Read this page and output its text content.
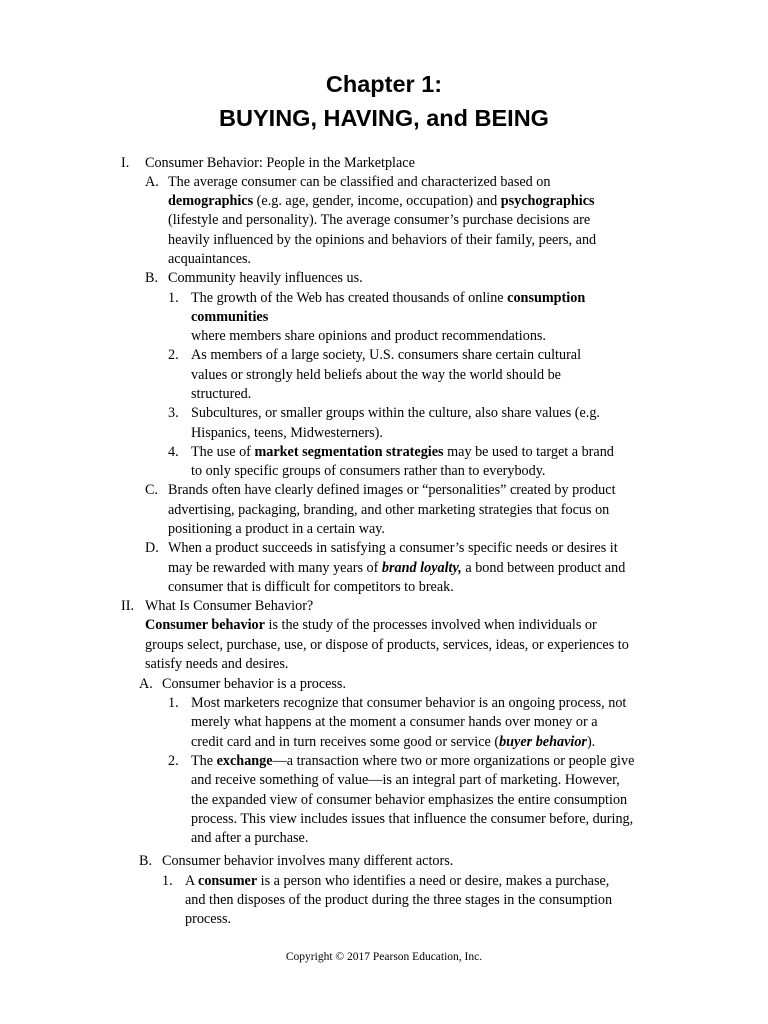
Chapter 1:
BUYING, HAVING, and BEING
I. Consumer Behavior: People in the Marketplace
A. The average consumer can be classified and characterized based on
demographics (e.g. age, gender, income, occupation) and psychographics
(lifestyle and personality). The average consumer’s purchase decisions are
heavily influenced by the opinions and behaviors of their family, peers, and
acquaintances.
B. Community heavily influences us.
1. The growth of the Web has created thousands of online consumption
communities
where members share opinions and product recommendations.
2. As members of a large society, U.S. consumers share certain cultural
values or strongly held beliefs about the way the world should be
structured.
3. Subcultures, or smaller groups within the culture, also share values (e.g.
Hispanics, teens, Midwesterners).
4. The use of market segmentation strategies may be used to target a brand
to only specific groups of consumers rather than to everybody.
C. Brands often have clearly defined images or “personalities” created by product
advertising, packaging, branding, and other marketing strategies that focus on
positioning a product in a certain way.
D. When a product succeeds in satisfying a consumer’s specific needs or desires it
may be rewarded with many years of brand loyalty, a bond between product and
consumer that is difficult for competitors to break.
II. What Is Consumer Behavior?
Consumer behavior is the study of the processes involved when individuals or
groups select, purchase, use, or dispose of products, services, ideas, or experiences to
satisfy needs and desires.
A. Consumer behavior is a process.
1. Most marketers recognize that consumer behavior is an ongoing process, not
merely what happens at the moment a consumer hands over money or a
credit card and in turn receives some good or service (buyer behavior).
2. The exchange—a transaction where two or more organizations or people give
and receive something of value—is an integral part of marketing. However,
the expanded view of consumer behavior emphasizes the entire consumption
process. This view includes issues that influence the consumer before, during,
and after a purchase.
B. Consumer behavior involves many different actors.
1. A consumer is a person who identifies a need or desire, makes a purchase,
and then disposes of the product during the three stages in the consumption
process.
Copyright © 2017 Pearson Education, Inc.
